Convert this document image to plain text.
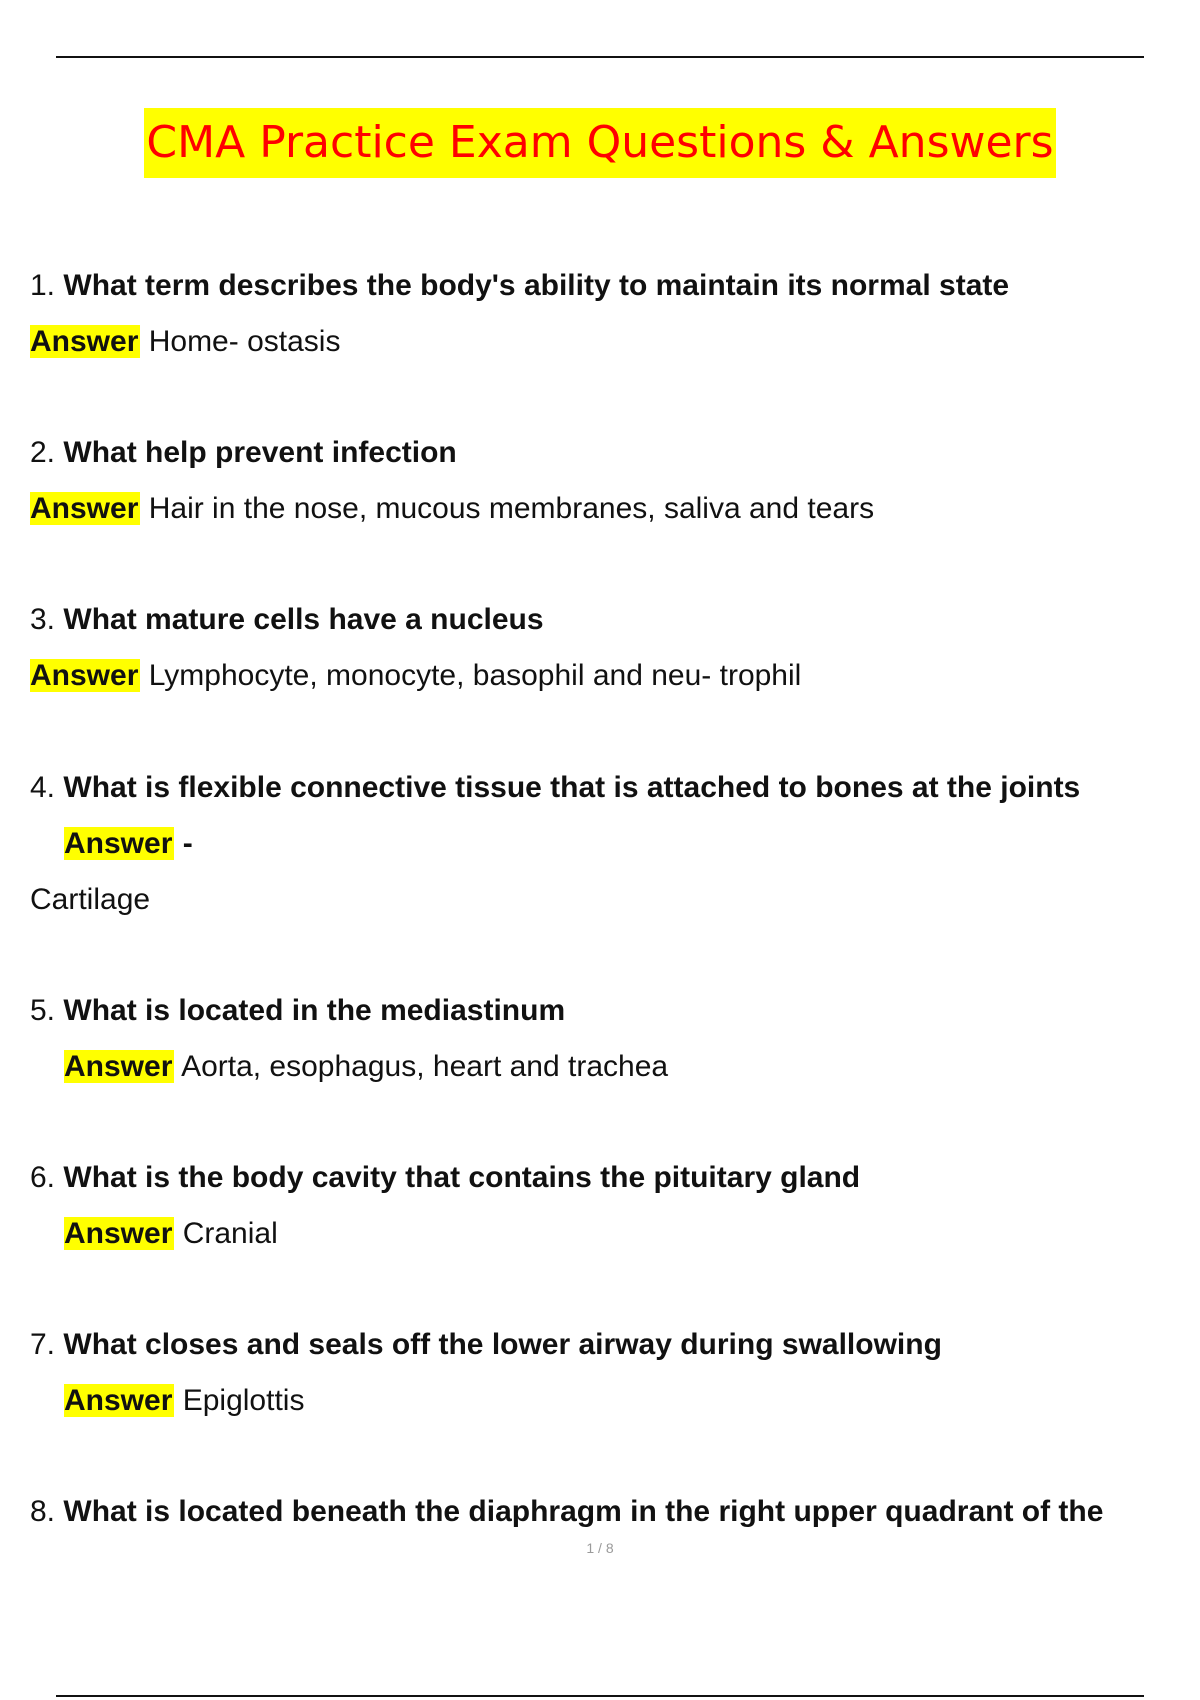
CMA Practice Exam Questions & Answers
1. What term describes the body's ability to maintain its normal state
Answer Home- ostasis
2. What help prevent infection
Answer Hair in the nose, mucous membranes, saliva and tears
3. What mature cells have a nucleus
Answer Lymphocyte, monocyte, basophil and neu- trophil
4. What is flexible connective tissue that is attached to bones at the joints
Answer -
Cartilage
5. What is located in the mediastinum
Answer Aorta, esophagus, heart and trachea
6. What is the body cavity that contains the pituitary gland
Answer Cranial
7. What closes and seals off the lower airway during swallowing
Answer Epiglottis
8. What is located beneath the diaphragm in the right upper quadrant of the
1 / 8
